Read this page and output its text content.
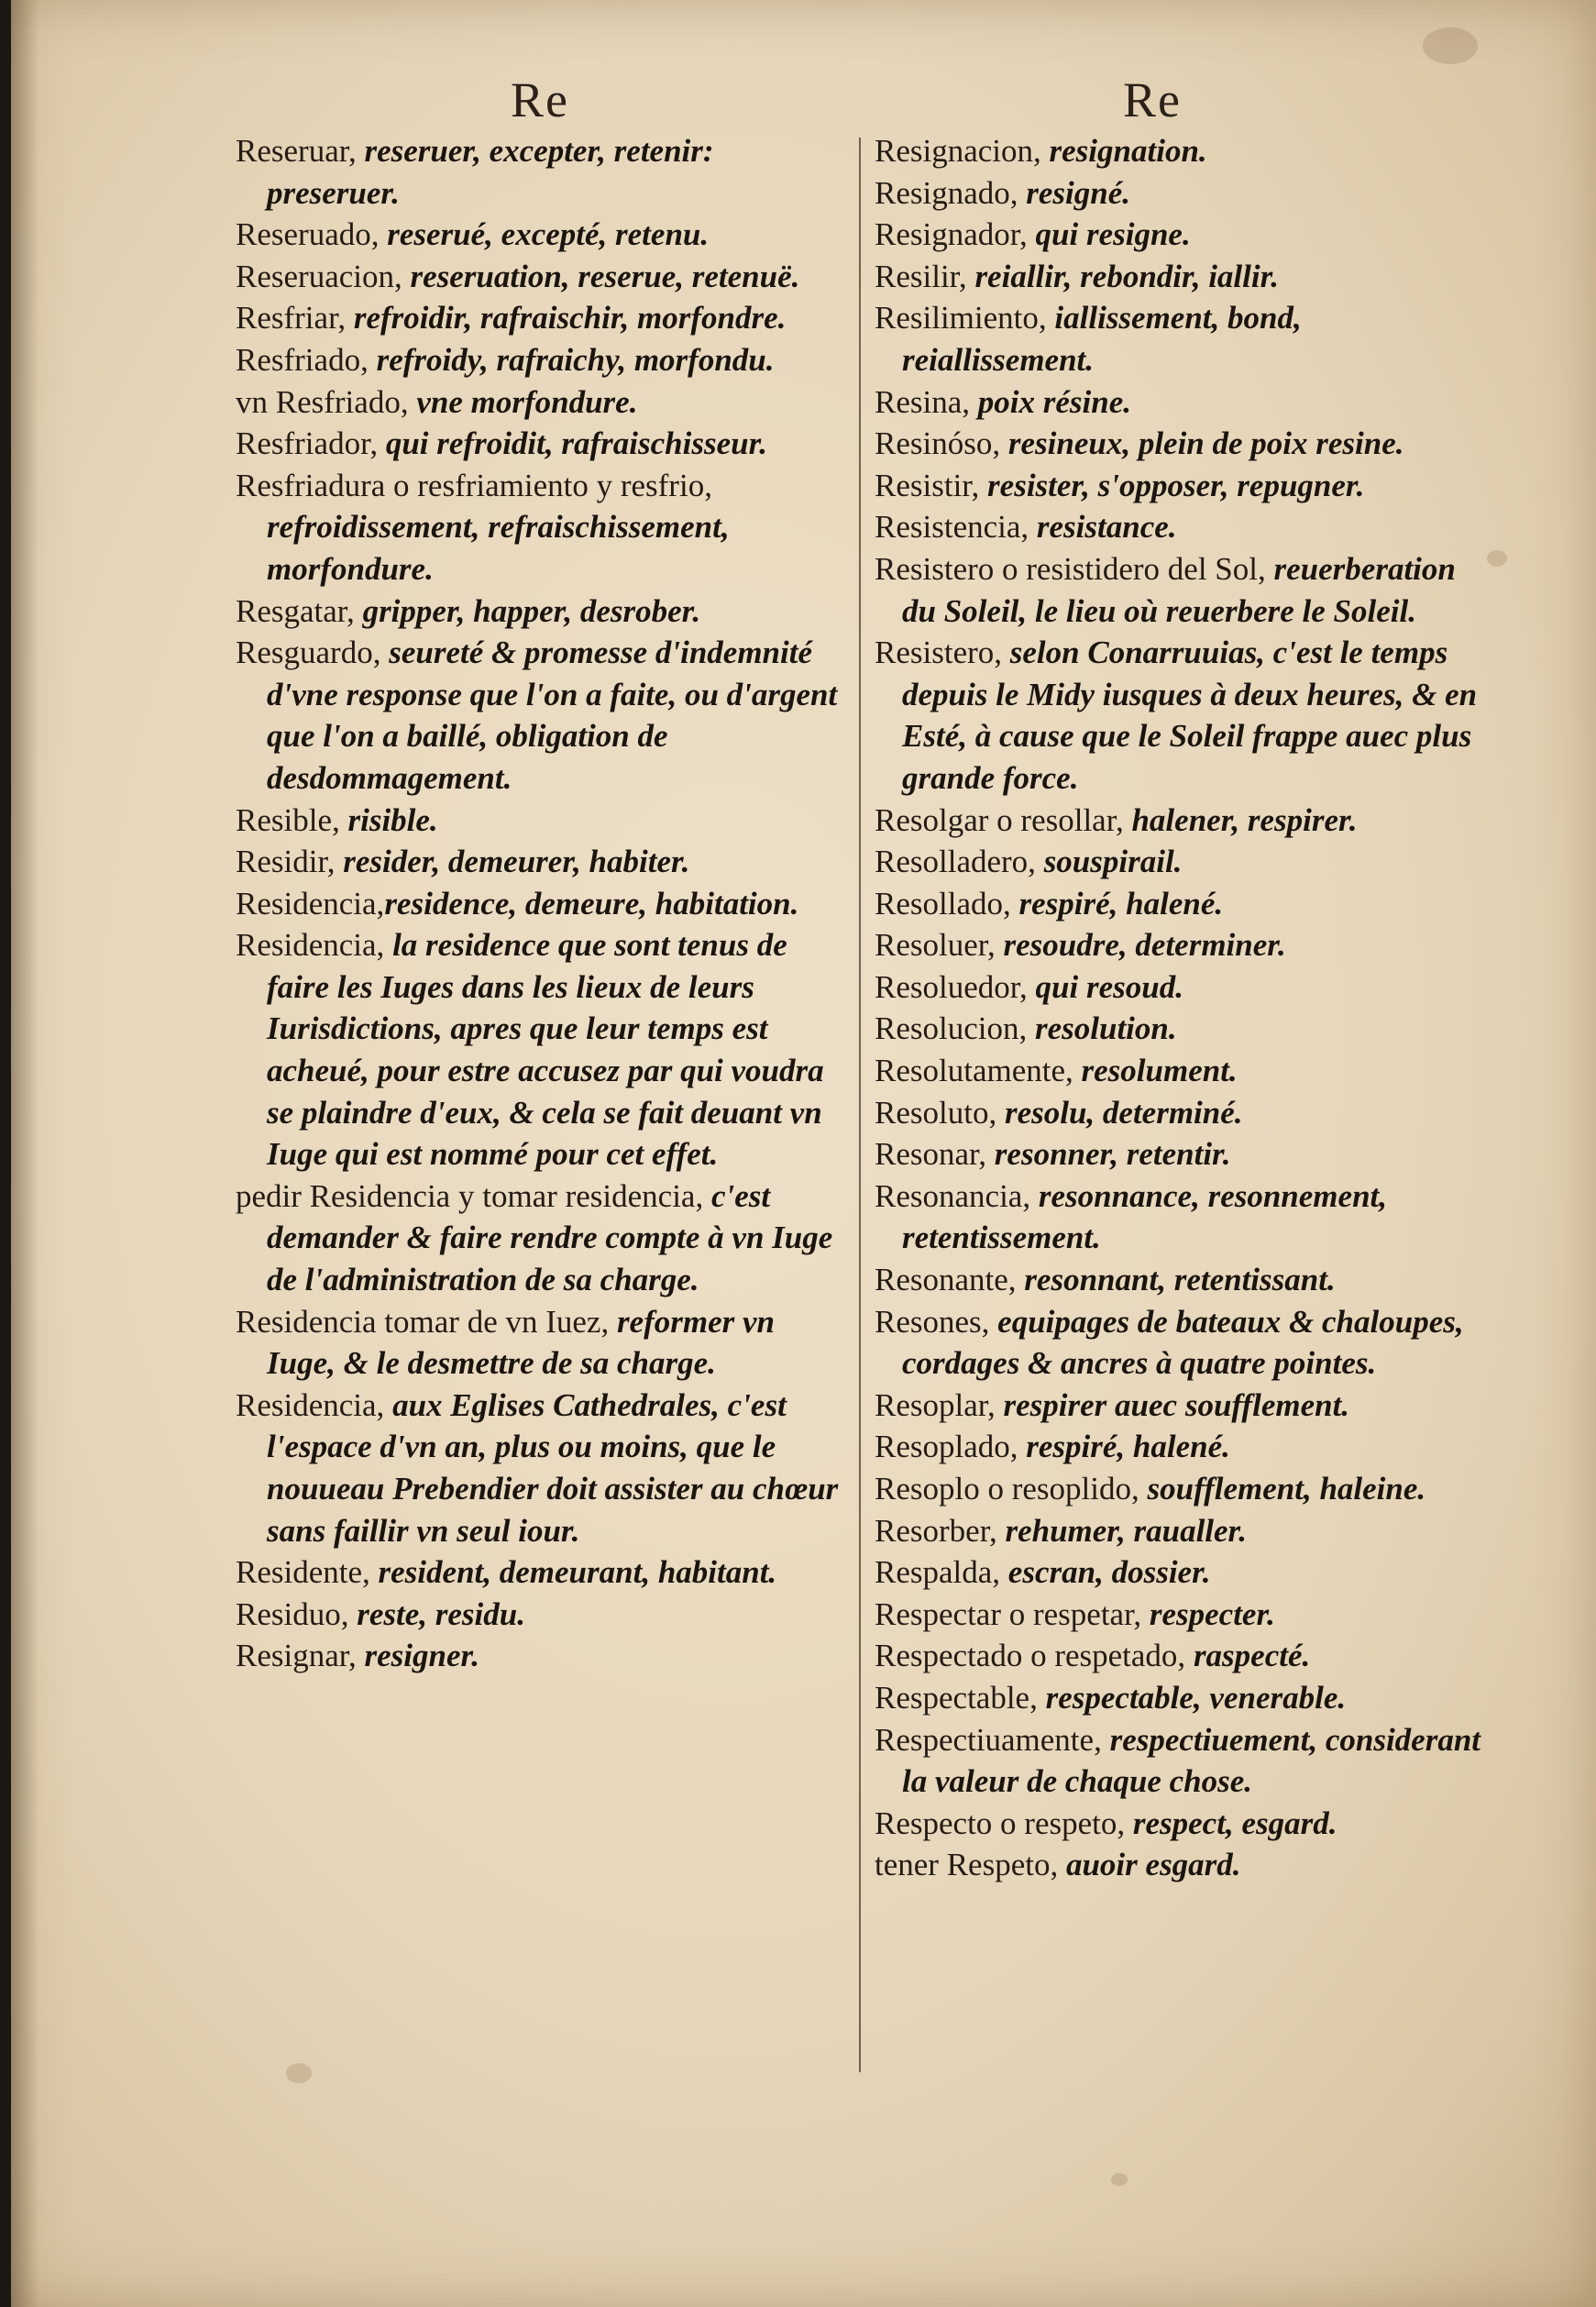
Re	Re

Reseruar, reseruer, excepter, retenir: preseruer.

Reseruado, reserué, excepté, retenu.

Reseruacion, reseruation, reserue, retenuë.

Resfriar, refroidir, rafraischir, morfondre.

Resfriado, refroidy, rafraichy, morfondu.

vn Resfriado, vne morfondure.

Resfriador, qui refroidit, rafraischisseur.

Resfriadura o resfriamiento y resfrio, refroidissement, refraischissement, morfondure.

Resgatar, gripper, happer, desrober.

Resguardo, seureté & promesse d'indemnité d'vne response que l'on a faite, ou d'argent que l'on a baillé, obligation de desdommagement.

Resible, risible.

Residir, resider, demeurer, habiter.

Residencia,residence, demeure, habitation.

Residencia, la residence que sont tenus de faire les Iuges dans les lieux de leurs Iurisdictions, apres que leur temps est acheué, pour estre accusez par qui voudra se plaindre d'eux, & cela se fait deuant vn Iuge qui est nommé pour cet effet.

pedir Residencia y tomar residencia, c'est demander & faire rendre compte à vn Iuge de l'administration de sa charge.

Residencia tomar de vn Iuez, reformer vn Iuge, & le desmettre de sa charge.

Residencia, aux Eglises Cathedrales, c'est l'espace d'vn an, plus ou moins, que le nouueau Prebendier doit assister au chœur sans faillir vn seul iour.

Residente, resident, demeurant, habitant.

Residuo, reste, residu.

Resignar, resigner.

Resignacion, resignation.

Resignado, resigné.

Resignador, qui resigne.

Resilir, reiallir, rebondir, iallir.

Resilimiento, iallissement, bond, reiallissement.

Resina, poix résine.

Resinóso, resineux, plein de poix resine.

Resistir, resister, s'opposer, repugner.

Resistencia, resistance.

Resistero o resistidero del Sol, reuerberation du Soleil, le lieu où reuerbere le Soleil.

Resistero, selon Conarruuias, c'est le temps depuis le Midy iusques à deux heures, & en Esté, à cause que le Soleil frappe auec plus grande force.

Resolgar o resollar, halener, respirer.

Resolladero, souspirail.

Resollado, respiré, halené.

Resoluer, resoudre, determiner.

Resoluedor, qui resoud.

Resolucion, resolution.

Resolutamente, resolument.

Resoluto, resolu, determiné.

Resonar, resonner, retentir.

Resonancia, resonnance, resonnement, retentissement.

Resonante, resonnant, retentissant.

Resones, equipages de bateaux & chaloupes, cordages & ancres à quatre pointes.

Resoplar, respirer auec soufflement.

Resoplado, respiré, halené.

Resoplo o resoplido, soufflement, haleine.

Resorber, rehumer, raualler.

Respalda, escran, dossier.

Respectar o respetar, respecter.

Respectado o respetado, raspecté.

Respectable, respectable, venerable.

Respectiuamente, respectiuement, considerant la valeur de chaque chose.

Respecto o respeto, respect, esgard.

tener Respeto, auoir esgard.
